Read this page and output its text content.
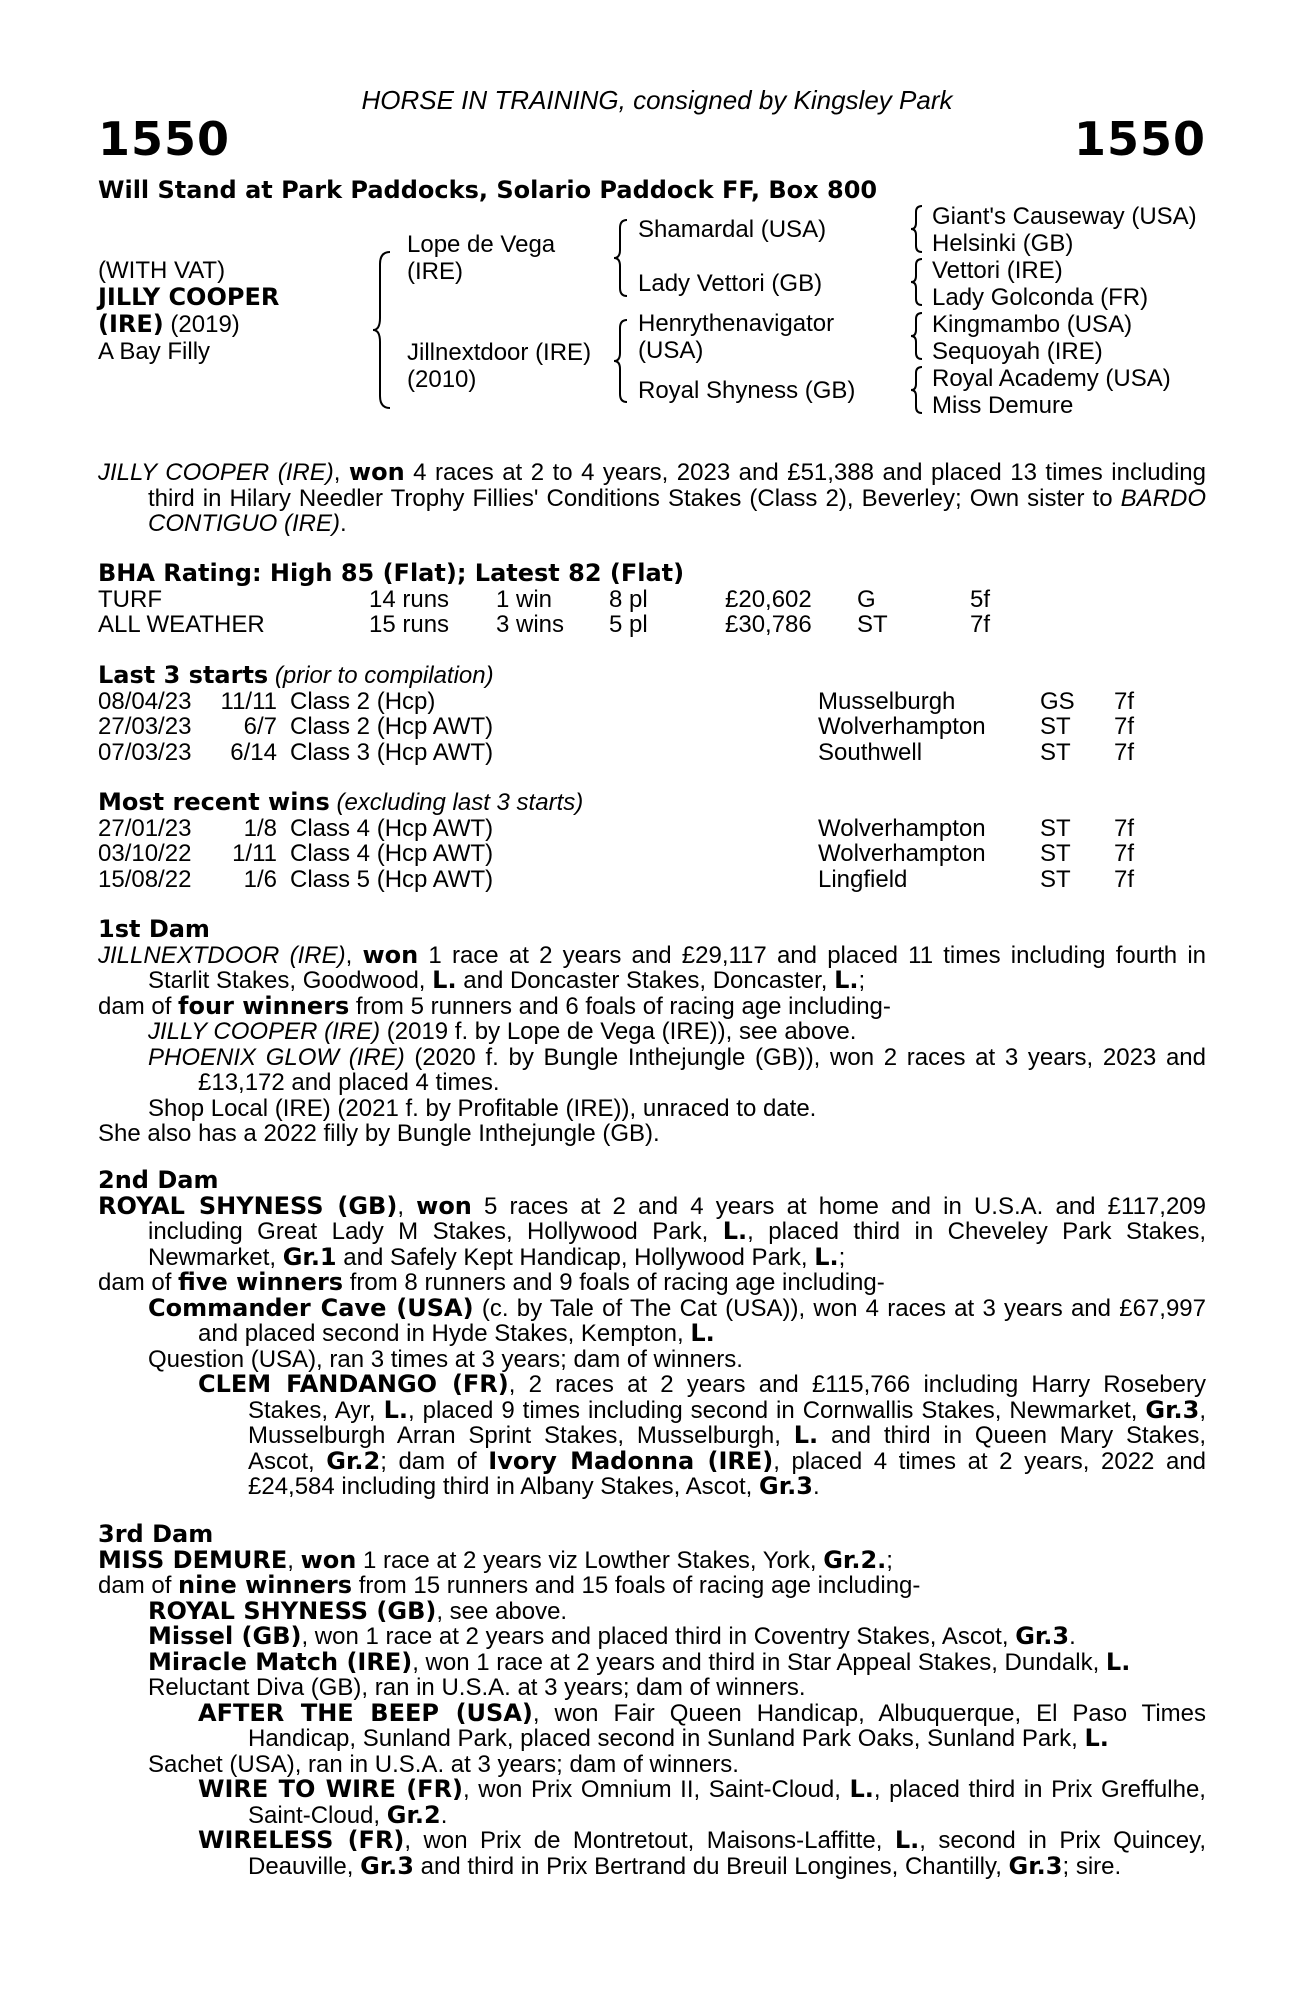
HORSE IN TRAINING, consigned by Kingsley Park
1550	1550
Will Stand at Park Paddocks, Solario Paddock FF, Box 800
(WITH VAT)
JILLY COOPER
(IRE) (2019)
A Bay Filly
Lope de Vega
(IRE)
Jillnextdoor (IRE)
(2010)
Shamardal (USA)
Lady Vettori (GB)
Henrythenavigator
(USA)
Royal Shyness (GB)
Giant's Causeway (USA)
Helsinki (GB)
Vettori (IRE)
Lady Golconda (FR)
Kingmambo (USA)
Sequoyah (IRE)
Royal Academy (USA)
Miss Demure

JILLY COOPER (IRE), won 4 races at 2 to 4 years, 2023 and £51,388 and placed 13 times including third in Hilary Needler Trophy Fillies' Conditions Stakes (Class 2), Beverley; Own sister to BARDO CONTIGUO (IRE).

BHA Rating: High 85 (Flat); Latest 82 (Flat)
TURF	14 runs 1 win 8 pl	£20,602 G	5f
ALL WEATHER	15 runs 3 wins 5 pl	£30,786 ST	7f
Last 3 starts (prior to compilation)
08/04/23	11/11 Class 2 (Hcp)	Musselburgh	GS 7f
27/03/23	6/7 Class 2 (Hcp AWT)	Wolverhampton ST 7f
07/03/23	6/14 Class 3 (Hcp AWT)	Southwell	ST 7f
Most recent wins (excluding last 3 starts)
27/01/23	1/8 Class 4 (Hcp AWT)	Wolverhampton ST 7f
03/10/22	1/11 Class 4 (Hcp AWT)	Wolverhampton ST 7f
15/08/22	1/6 Class 5 (Hcp AWT)	Lingfield	ST 7f
1st Dam

JILLNEXTDOOR (IRE), won 1 race at 2 years and £29,117 and placed 11 times including fourth in Starlit Stakes, Goodwood, L. and Doncaster Stakes, Doncaster, L.;

dam of four winners from 5 runners and 6 foals of racing age including-

JILLY COOPER (IRE) (2019 f. by Lope de Vega (IRE)), see above.

PHOENIX GLOW (IRE) (2020 f. by Bungle Inthejungle (GB)), won 2 races at 3 years, 2023 and £13,172 and placed 4 times.

Shop Local (IRE) (2021 f. by Profitable (IRE)), unraced to date.

She also has a 2022 filly by Bungle Inthejungle (GB).

2nd Dam

ROYAL SHYNESS (GB), won 5 races at 2 and 4 years at home and in U.S.A. and £117,209 including Great Lady M Stakes, Hollywood Park, L., placed third in Cheveley Park Stakes, Newmarket, Gr.1 and Safely Kept Handicap, Hollywood Park, L.;

dam of five winners from 8 runners and 9 foals of racing age including-

Commander Cave (USA) (c. by Tale of The Cat (USA)), won 4 races at 3 years and £67,997 and placed second in Hyde Stakes, Kempton, L.

Question (USA), ran 3 times at 3 years; dam of winners.

CLEM FANDANGO (FR), 2 races at 2 years and £115,766 including Harry Rosebery Stakes, Ayr, L., placed 9 times including second in Cornwallis Stakes, Newmarket, Gr.3, Musselburgh Arran Sprint Stakes, Musselburgh, L. and third in Queen Mary Stakes, Ascot, Gr.2; dam of Ivory Madonna (IRE), placed 4 times at 2 years, 2022 and £24,584 including third in Albany Stakes, Ascot, Gr.3.

3rd Dam

MISS DEMURE, won 1 race at 2 years viz Lowther Stakes, York, Gr.2.;

dam of nine winners from 15 runners and 15 foals of racing age including-

ROYAL SHYNESS (GB), see above.

Missel (GB), won 1 race at 2 years and placed third in Coventry Stakes, Ascot, Gr.3.

Miracle Match (IRE), won 1 race at 2 years and third in Star Appeal Stakes, Dundalk, L.

Reluctant Diva (GB), ran in U.S.A. at 3 years; dam of winners.

AFTER THE BEEP (USA), won Fair Queen Handicap, Albuquerque, El Paso Times Handicap, Sunland Park, placed second in Sunland Park Oaks, Sunland Park, L.

Sachet (USA), ran in U.S.A. at 3 years; dam of winners.

WIRE TO WIRE (FR), won Prix Omnium II, Saint-Cloud, L., placed third in Prix Greffulhe, Saint-Cloud, Gr.2.

WIRELESS (FR), won Prix de Montretout, Maisons-Laffitte, L., second in Prix Quincey, Deauville, Gr.3 and third in Prix Bertrand du Breuil Longines, Chantilly, Gr.3; sire.
